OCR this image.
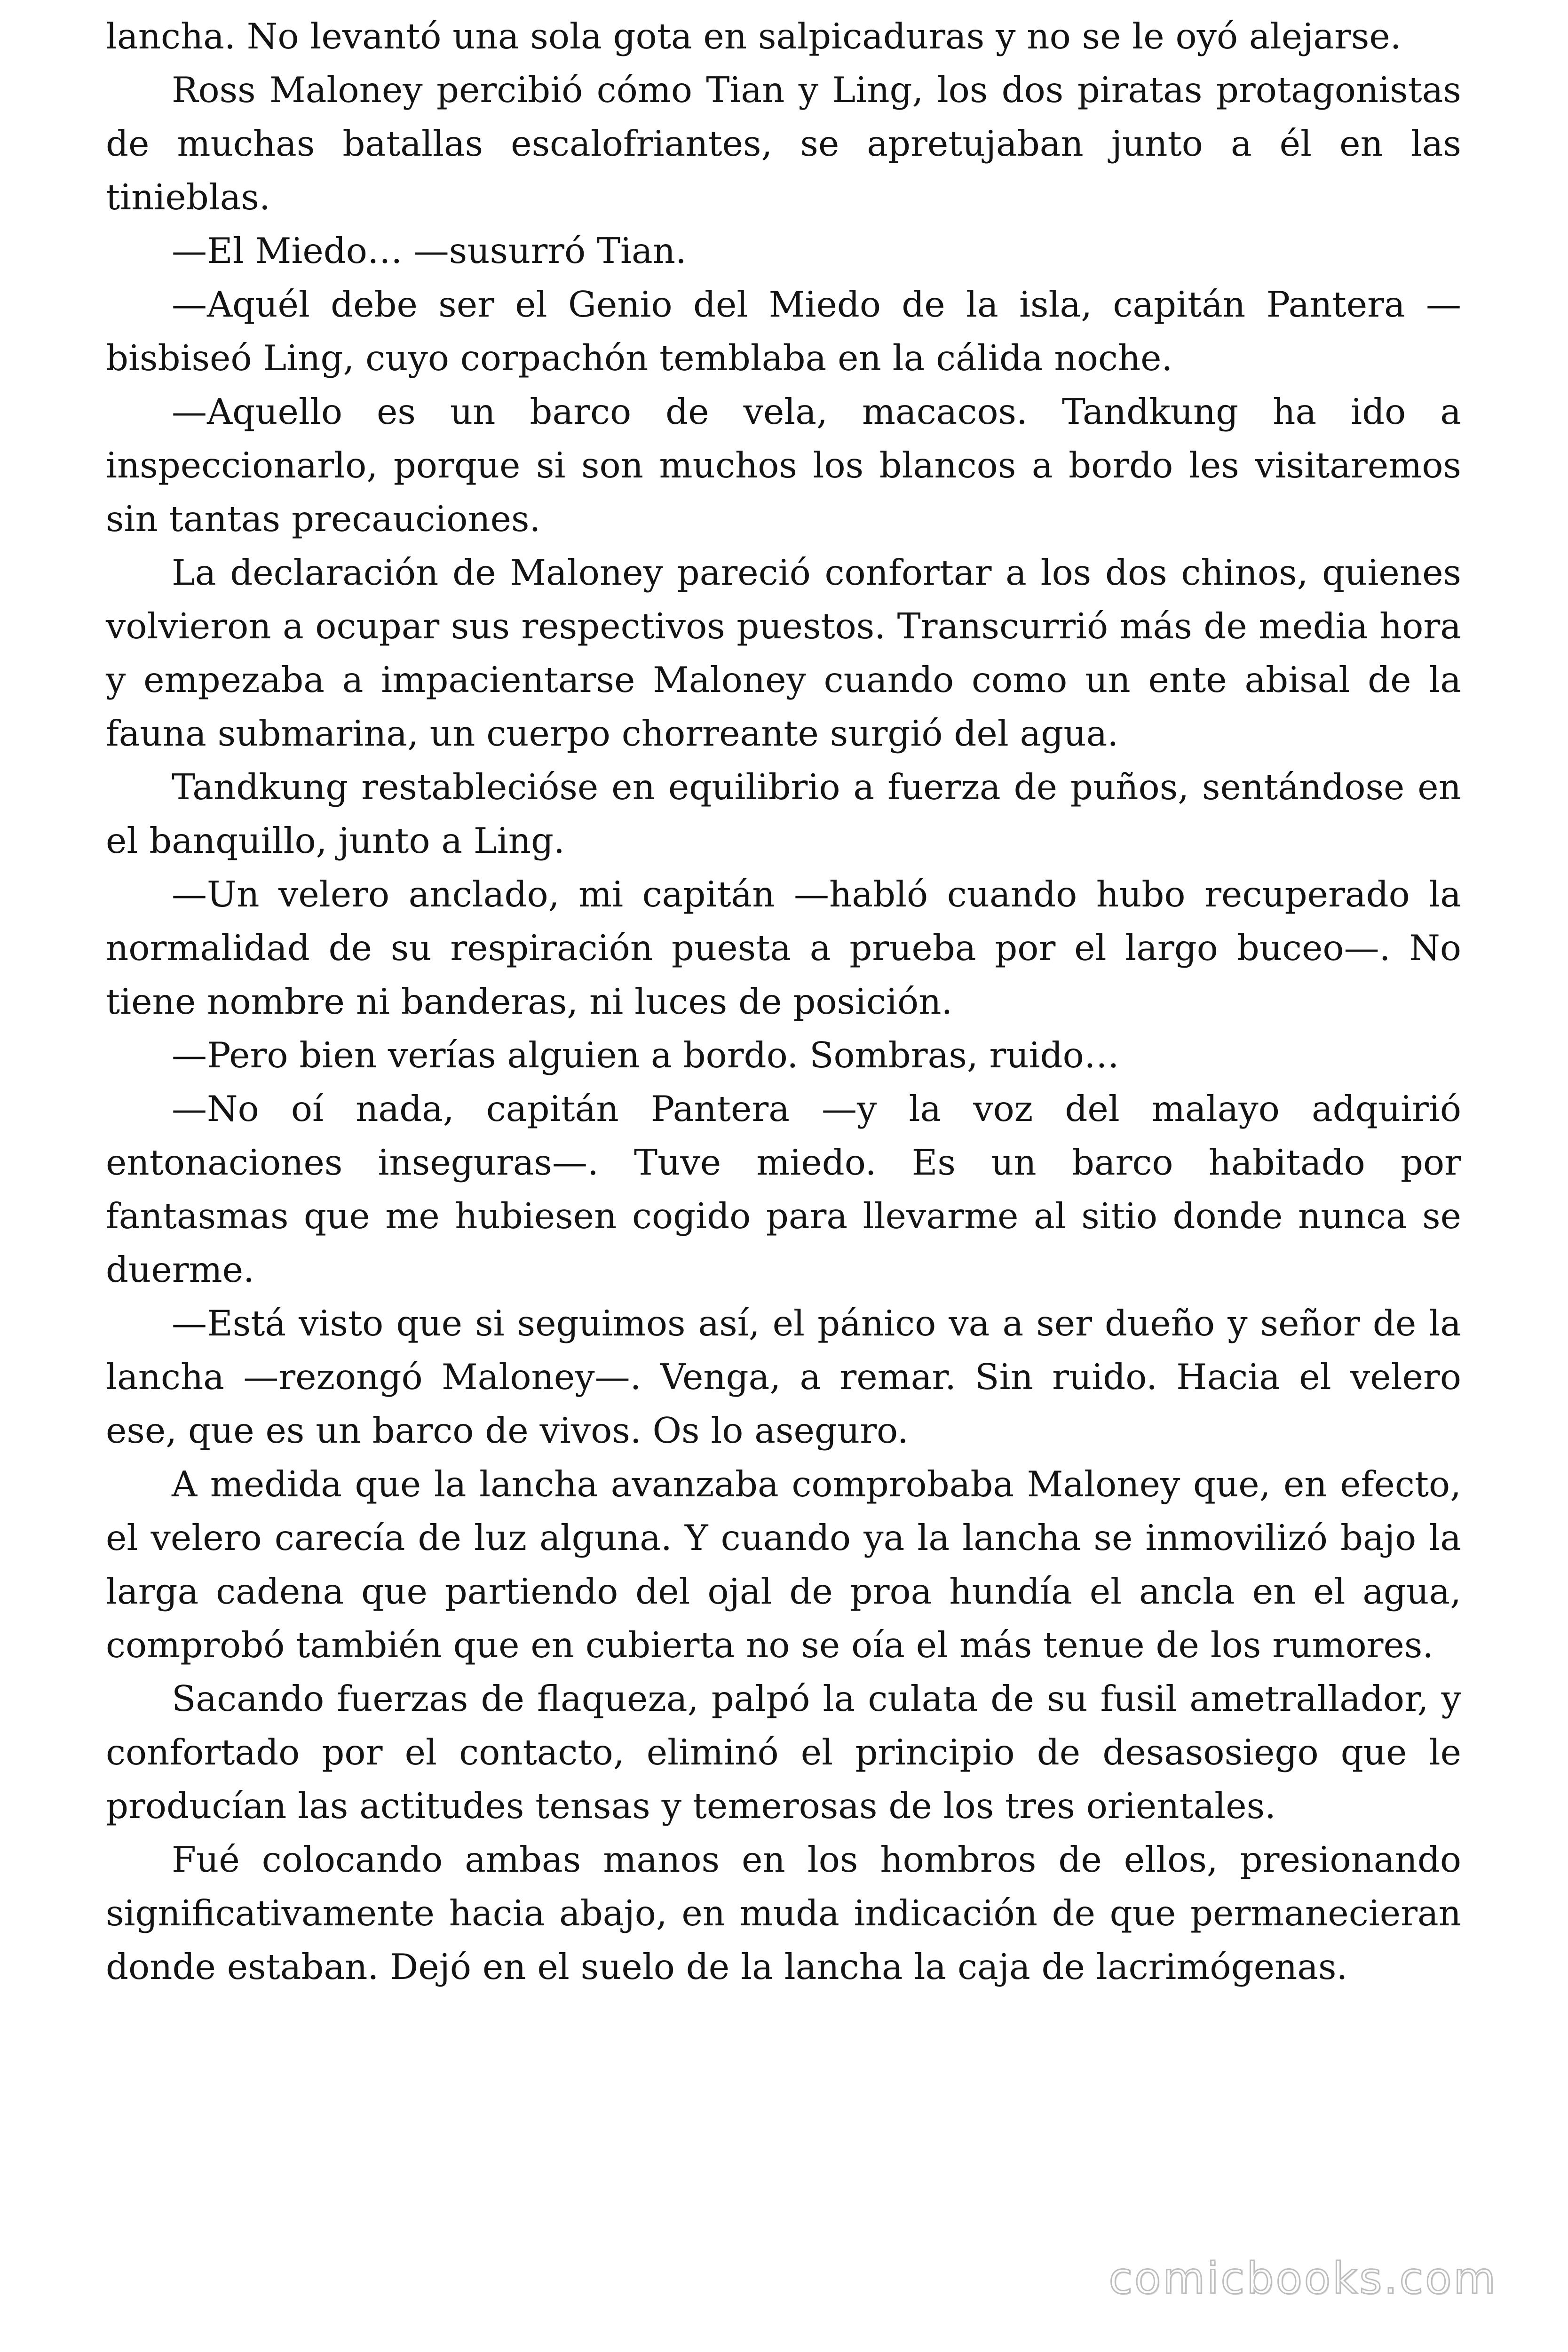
lancha. No levantó una sola gota en salpicaduras y no se le oyó alejarse.

Ross Maloney percibió cómo Tian y Ling, los dos piratas protagonistas de muchas batallas escalofriantes, se apretujaban junto a él en las tinieblas.

—El Miedo… —susurró Tian.

—Aquél debe ser el Genio del Miedo de la isla, capitán Pantera —bisbiseó Ling, cuyo corpachón temblaba en la cálida noche.

—Aquello es un barco de vela, macacos. Tandkung ha ido a inspeccionarlo, porque si son muchos los blancos a bordo les visitaremos sin tantas precauciones.

La declaración de Maloney pareció confortar a los dos chinos, quienes volvieron a ocupar sus respectivos puestos. Transcurrió más de media hora y empezaba a impacientarse Maloney cuando como un ente abisal de la fauna submarina, un cuerpo chorreante surgió del agua.

Tandkung restablecióse en equilibrio a fuerza de puños, sentándose en el banquillo, junto a Ling.

—Un velero anclado, mi capitán —habló cuando hubo recuperado la normalidad de su respiración puesta a prueba por el largo buceo—. No tiene nombre ni banderas, ni luces de posición.

—Pero bien verías alguien a bordo. Sombras, ruido…

—No oí nada, capitán Pantera —y la voz del malayo adquirió entonaciones inseguras—. Tuve miedo. Es un barco habitado por fantasmas que me hubiesen cogido para llevarme al sitio donde nunca se duerme.

—Está visto que si seguimos así, el pánico va a ser dueño y señor de la lancha —rezongó Maloney—. Venga, a remar. Sin ruido. Hacia el velero ese, que es un barco de vivos. Os lo aseguro.

A medida que la lancha avanzaba comprobaba Maloney que, en efecto, el velero carecía de luz alguna. Y cuando ya la lancha se inmovilizó bajo la larga cadena que partiendo del ojal de proa hundía el ancla en el agua, comprobó también que en cubierta no se oía el más tenue de los rumores.

Sacando fuerzas de flaqueza, palpó la culata de su fusil ametrallador, y confortado por el contacto, eliminó el principio de desasosiego que le producían las actitudes tensas y temerosas de los tres orientales.

Fué colocando ambas manos en los hombros de ellos, presionando significativamente hacia abajo, en muda indicación de que permanecieran donde estaban. Dejó en el suelo de la lancha la caja de lacrimógenas.

comicbooks.com
